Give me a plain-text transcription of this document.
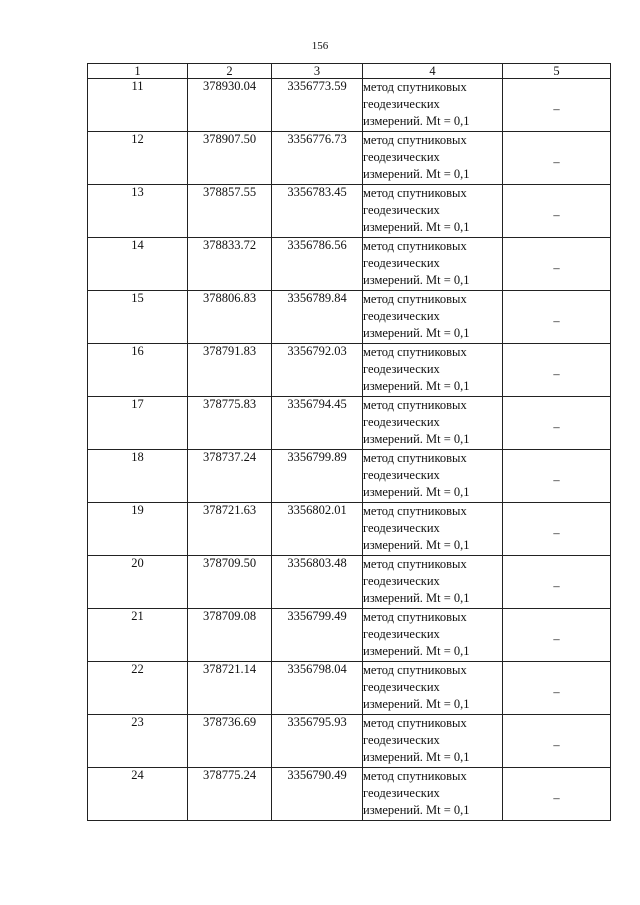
156
1	2	3	4	5
11	378930.04	3356773.59	метод спутниковых
геодезических
измерений. Mt = 0,1	–
12	378907.50	3356776.73	метод спутниковых
геодезических
измерений. Mt = 0,1	–
13	378857.55	3356783.45	метод спутниковых
геодезических
измерений. Mt = 0,1	–
14	378833.72	3356786.56	метод спутниковых
геодезических
измерений. Mt = 0,1	–
15	378806.83	3356789.84	метод спутниковых
геодезических
измерений. Mt = 0,1	–
16	378791.83	3356792.03	метод спутниковых
геодезических
измерений. Mt = 0,1	–
17	378775.83	3356794.45	метод спутниковых
геодезических
измерений. Mt = 0,1	–
18	378737.24	3356799.89	метод спутниковых
геодезических
измерений. Mt = 0,1	–
19	378721.63	3356802.01	метод спутниковых
геодезических
измерений. Mt = 0,1	–
20	378709.50	3356803.48	метод спутниковых
геодезических
измерений. Mt = 0,1	–
21	378709.08	3356799.49	метод спутниковых
геодезических
измерений. Mt = 0,1	–
22	378721.14	3356798.04	метод спутниковых
геодезических
измерений. Mt = 0,1	–
23	378736.69	3356795.93	метод спутниковых
геодезических
измерений. Mt = 0,1	–
24	378775.24	3356790.49	метод спутниковых
геодезических
измерений. Mt = 0,1	–
